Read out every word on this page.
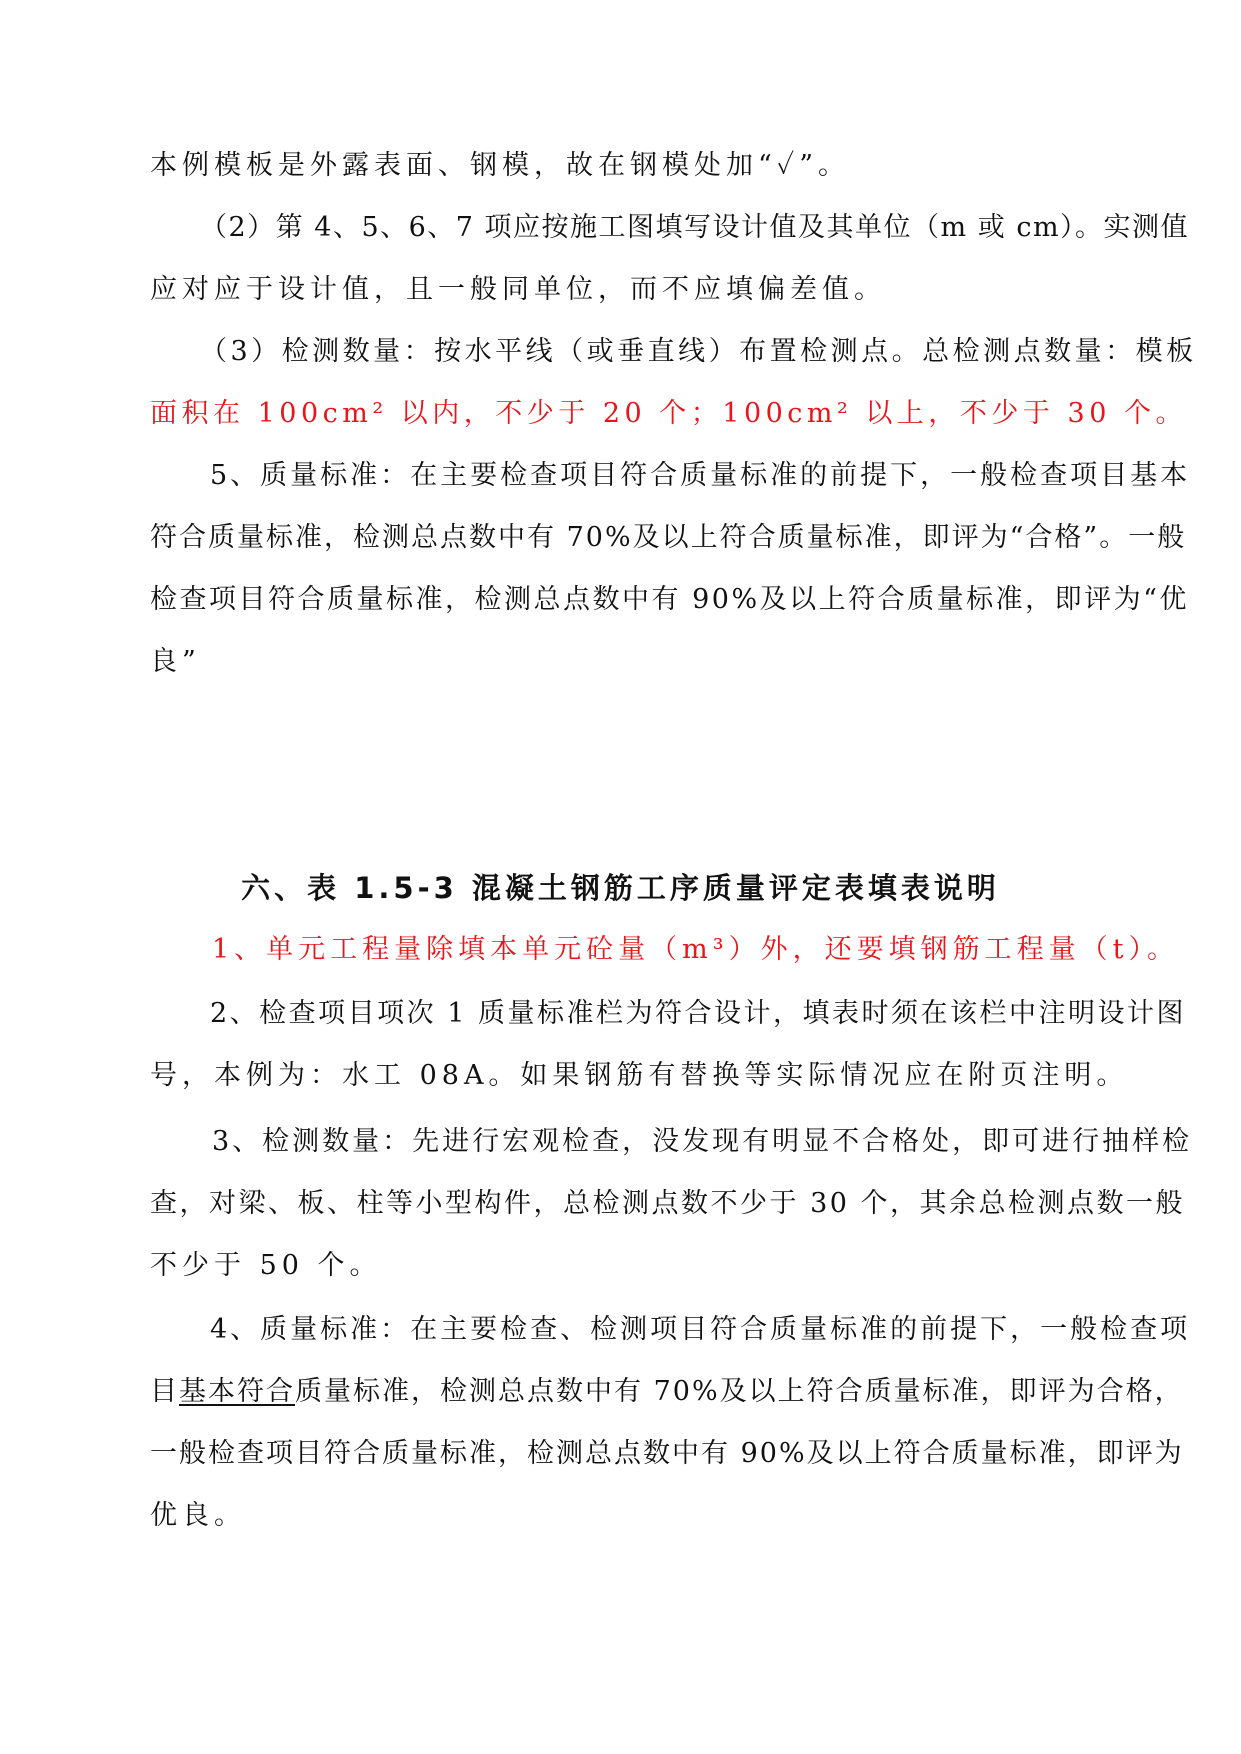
本例模板是外露表面、钢模，故在钢模处加“✓”。
（2）第 4、5、6、7 项应按施工图填写设计值及其单位（m 或 cm）。实测值
应对应于设计值，且一般同单位，而不应填偏差值。
（3）检测数量：按水平线（或垂直线）布置检测点。总检测点数量：模板
面积在 100cm² 以内，不少于 20 个；100cm² 以上，不少于 30 个。
5、质量标准：在主要检查项目符合质量标准的前提下，一般检查项目基本
符合质量标准，检测总点数中有 70%及以上符合质量标准，即评为“合格”。一般
检查项目符合质量标准，检测总点数中有 90%及以上符合质量标准，即评为“优
良”
六、表 1.5-3 混凝土钢筋工序质量评定表填表说明
1、单元工程量除填本单元砼量（m³）外，还要填钢筋工程量（t）。
2、检查项目项次 1 质量标准栏为符合设计，填表时须在该栏中注明设计图
号，本例为：水工 08A。如果钢筋有替换等实际情况应在附页注明。
3、检测数量：先进行宏观检查，没发现有明显不合格处，即可进行抽样检
查，对梁、板、柱等小型构件，总检测点数不少于 30 个，其余总检测点数一般
不少于 50 个。
4、质量标准：在主要检查、检测项目符合质量标准的前提下，一般检查项
目基本符合质量标准，检测总点数中有 70%及以上符合质量标准，即评为合格，
一般检查项目符合质量标准，检测总点数中有 90%及以上符合质量标准，即评为
优良。
